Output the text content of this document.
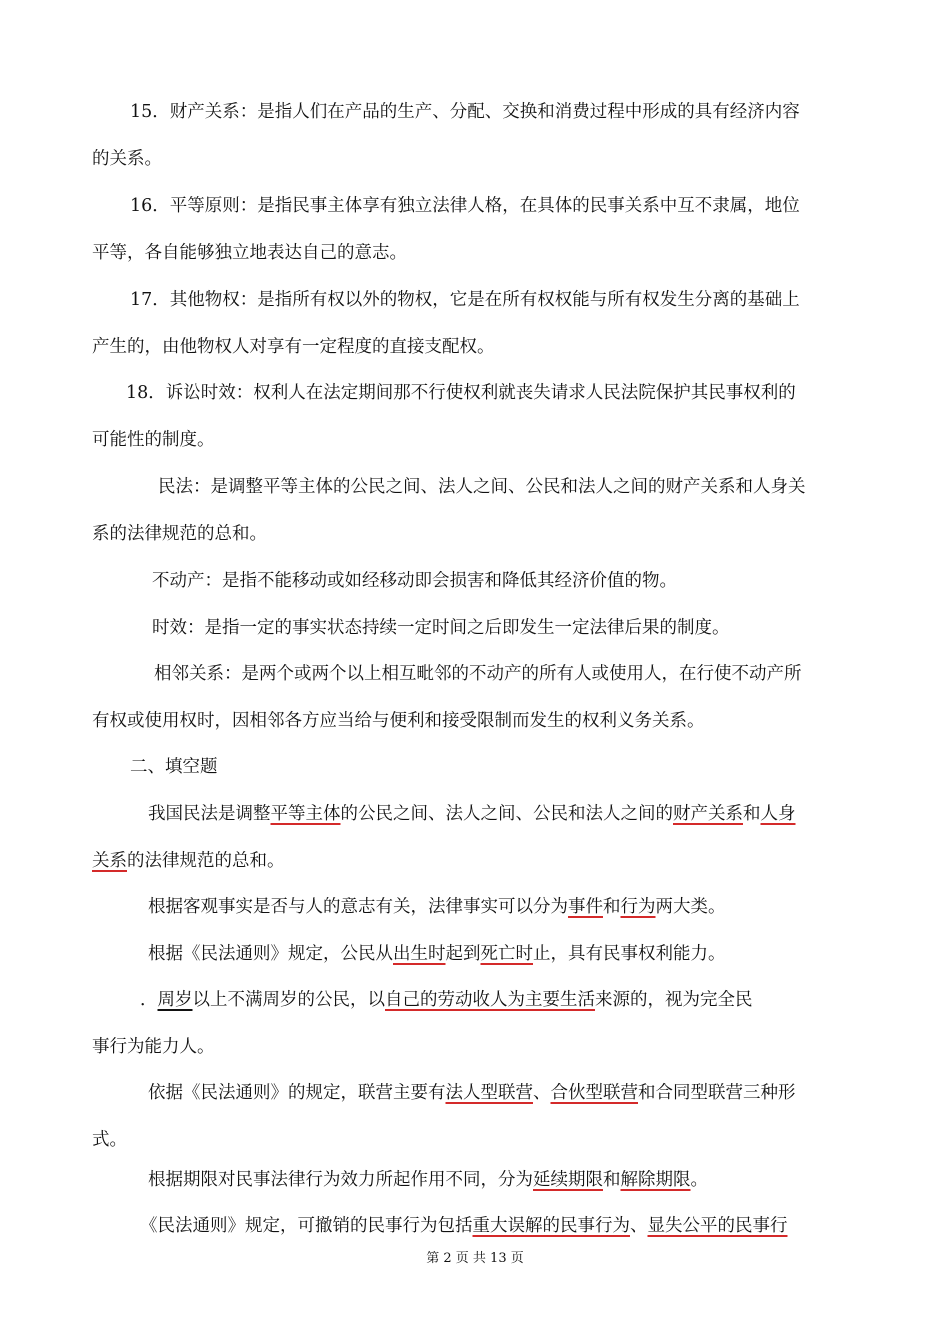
15．财产关系：是指人们在产品的生产、分配、交换和消费过程中形成的具有经济内容
的关系。
16．平等原则：是指民事主体享有独立法律人格，在具体的民事关系中互不隶属，地位
平等，各自能够独立地表达自己的意志。
17．其他物权：是指所有权以外的物权，它是在所有权权能与所有权发生分离的基础上
产生的，由他物权人对享有一定程度的直接支配权。
18．诉讼时效：权利人在法定期间那不行使权利就丧失请求人民法院保护其民事权利的
可能性的制度。
民法：是调整平等主体的公民之间、法人之间、公民和法人之间的财产关系和人身关
系的法律规范的总和。
不动产：是指不能移动或如经移动即会损害和降低其经济价值的物。
时效：是指一定的事实状态持续一定时间之后即发生一定法律后果的制度。
相邻关系：是两个或两个以上相互毗邻的不动产的所有人或使用人，在行使不动产所
有权或使用权时，因相邻各方应当给与便利和接受限制而发生的权利义务关系。
二、填空题
我国民法是调整平等主体的公民之间、法人之间、公民和法人之间的财产关系和人身
关系的法律规范的总和。
根据客观事实是否与人的意志有关，法律事实可以分为事件和行为两大类。
根据《民法通则》规定，公民从出生时起到死亡时止，具有民事权利能力。
．周岁以上不满周岁的公民，以自己的劳动收人为主要生活来源的，视为完全民
事行为能力人。
依据《民法通则》的规定，联营主要有法人型联营、合伙型联营和合同型联营三种形
式。
根据期限对民事法律行为效力所起作用不同，分为延续期限和解除期限。
《民法通则》规定，可撤销的民事行为包括重大误解的民事行为、显失公平的民事行
第 2 页 共 13 页
